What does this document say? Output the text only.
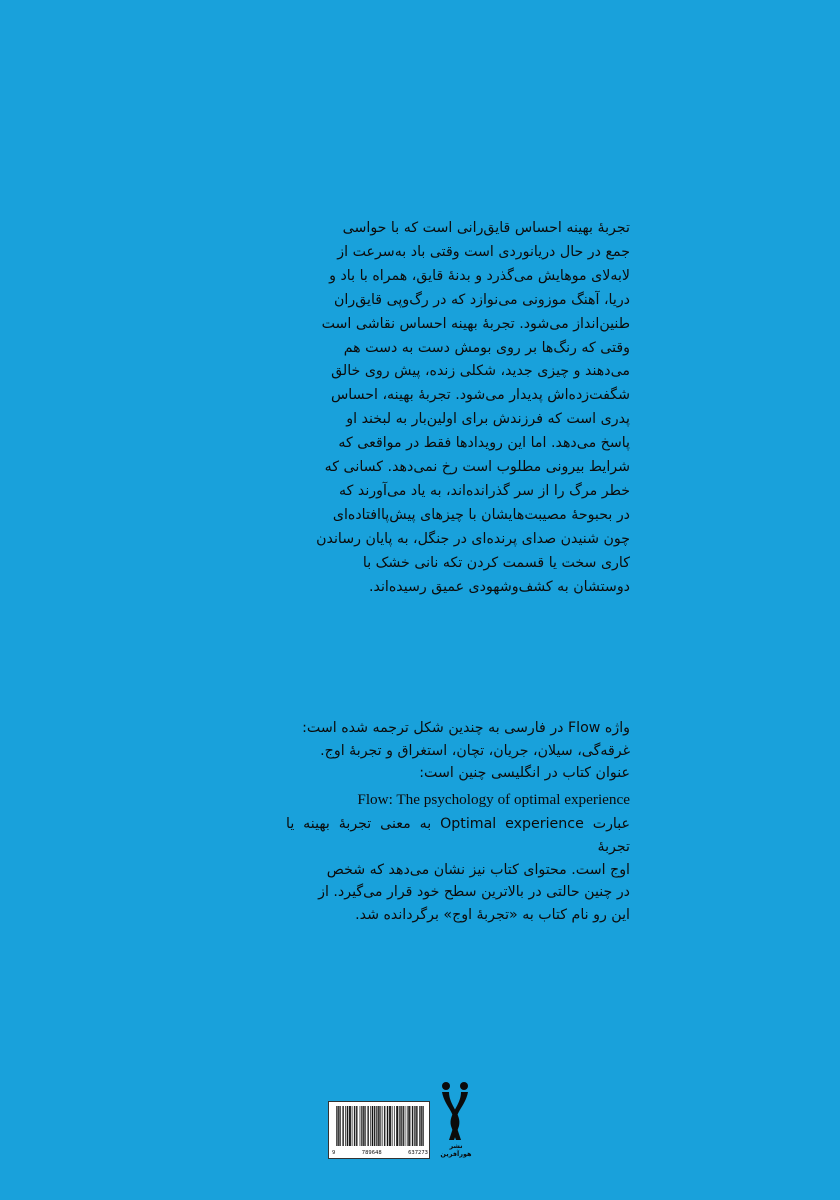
تجربهٔ بهینه احساس قایق‌رانی است که با حواسی
جمع در حال دریانوردی است وقتی باد به‌سرعت از
لابه‌لای موهایش می‌گذرد و بدنهٔ قایق، همراه با باد و
دریا، آهنگ موزونی می‌نوازد که در رگ‌وپی قایق‌ران
طنین‌انداز می‌شود. تجربهٔ بهینه احساس نقاشی است
وقتی که رنگ‌ها بر روی بومش دست به دست هم
می‌دهند و چیزی جدید، شکلی زنده، پیش روی خالق
شگفت‌زده‌اش پدیدار می‌شود. تجربهٔ بهینه، احساس
پدری است که فرزندش برای اولین‌بار به لبخند او
پاسخ می‌دهد. اما این رویدادها فقط در مواقعی که
شرایط بیرونی مطلوب است رخ نمی‌دهد. کسانی که
خطر مرگ را از سر گذرانده‌اند، به یاد می‌آورند که
در بحبوحهٔ مصیبت‌هایشان با چیزهای پیش‌پاافتاده‌ای
چون شنیدن صدای پرنده‌ای در جنگل، به پایان رساندن
کاری سخت یا قسمت کردن تکه نانی خشک با
دوستشان به کشف‌وشهودی عمیق رسیده‌اند.
واژه Flow در فارسی به چندین شکل ترجمه شده است:
غرقه‌گی، سیلان، جریان، تچان، استغراق و تجربهٔ اوج.
عنوان کتاب در انگلیسی چنین است:
Flow: The psychology of optimal experience
عبارت Optimal experience به معنی تجربهٔ بهینه یا تجربهٔ
اوج است. محتوای کتاب نیز نشان می‌دهد که شخص
در چنین حالتی در بالاترین سطح خود قرار می‌گیرد. از
این رو نام کتاب به «تجربهٔ اوج» برگردانده شد.
9	789648	637273
نشر هورآفرین
